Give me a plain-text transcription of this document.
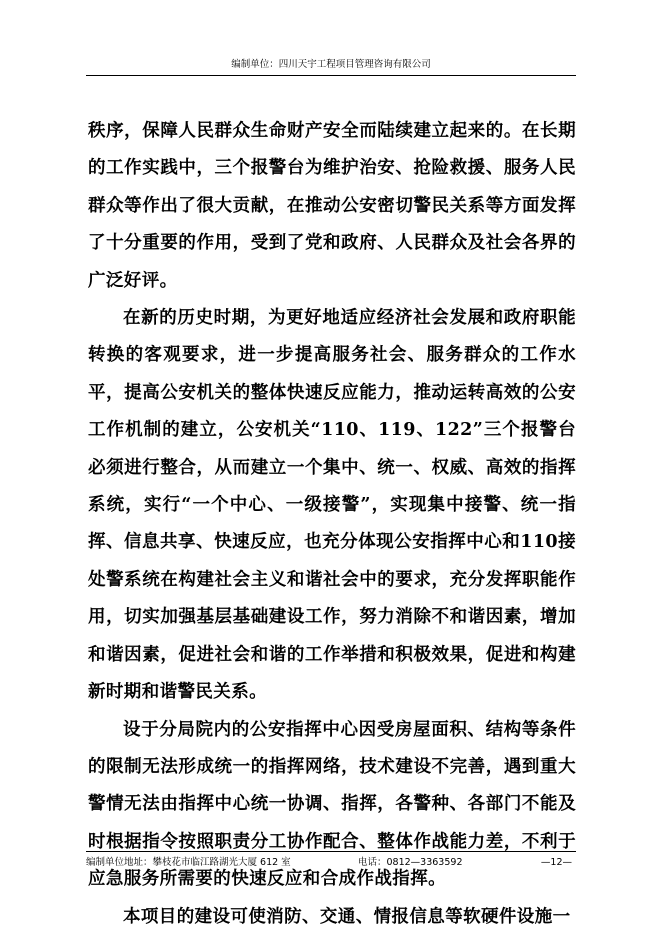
编制单位：四川天宇工程项目管理咨询有限公司

秩序，保障人民群众生命财产安全而陆续建立起来的。在长期的工作实践中，三个报警台为维护治安、抢险救援、服务人民群众等作出了很大贡献，在推动公安密切警民关系等方面发挥了十分重要的作用，受到了党和政府、人民群众及社会各界的广泛好评。

在新的历史时期，为更好地适应经济社会发展和政府职能转换的客观要求，进一步提高服务社会、服务群众的工作水平，提高公安机关的整体快速反应能力，推动运转高效的公安工作机制的建立，公安机关“110、119、122”三个报警台必须进行整合，从而建立一个集中、统一、权威、高效的指挥系统，实行“一个中心、一级接警”，实现集中接警、统一指挥、信息共享、快速反应，也充分体现公安指挥中心和110接处警系统在构建社会主义和谐社会中的要求，充分发挥职能作用，切实加强基层基础建设工作，努力消除不和谐因素，增加和谐因素，促进社会和谐的工作举措和积极效果，促进和构建新时期和谐警民关系。

设于分局院内的公安指挥中心因受房屋面积、结构等条件的限制无法形成统一的指挥网络，技术建设不完善，遇到重大警情无法由指挥中心统一协调、指挥，各警种、各部门不能及时根据指令按照职责分工协作配合、整体作战能力差，不利于应急服务所需要的快速反应和合成作战指挥。

本项目的建设可使消防、交通、情报信息等软硬件设施一

编制单位地址：攀枝花市临江路湖光大厦 612 室	电话：0812—3363592	—12—
